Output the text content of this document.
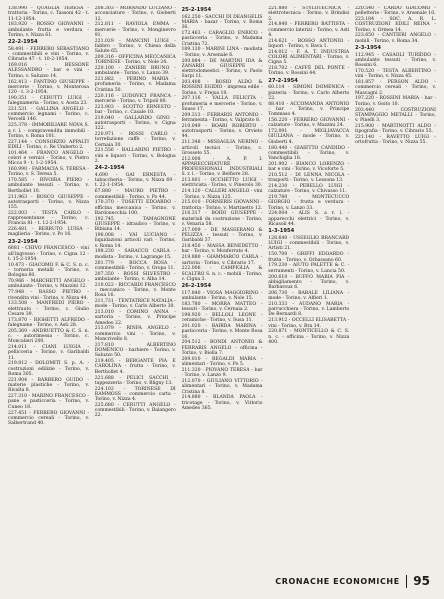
138.990 - QUAGLIA TERESA - trattoria - Torino, c. Tassoni 42 - t. 11-12-1954.

183.920 - ROSSO GIOVANNI - ambulante frutta e verdura - Torino, v. Nizza 61.

22-2-1954

58.491 - FERRERO SEBASTIANO - commestibili e vini - Torino, v. Cibrario 47 - t. 10-2-1954.

169.016 - BESSONE ALESSANDRO - bar e vini - Torino, v. Saluzzo 14.

162.413 - FANTINO GIUSEPPE - mercerie - Torino, v. Monterosa 120 - t. 3-2-1954.

190.351 - CERUTTI LUIGI - falegnameria - Torino, v. Aosta 23.

221.531 - GALLINA ANGELO - commercio legnami - Torino, c. Vercelli 146.

225.378 - IMMOBILIARE NOVA S. a r. l. - compravendita immobili - Torino, v. Roma 101.

227.144 - CONSORZIO APPALTI EDILI - Torino, c. Re Umberto 2.

101.464 - FRANCO ANGELO - colori e vernici - Torino, v. Pietro Micca 9 - t. 1-2-1954.

160.990 - FARMACIA S. TERESA - Torino, v. S. Teresa 5.

170.585 - RIVOIRA PIERO - ambulante tessuti - Torino, v. Berthollet 10.

211.963 - BOSCO GIUSEPPE - autotrasporti - Torino, v. Nizza 155.

222.003 - TESTA CARLO - rappresentanze - Torino, c. Francia 81 - t. 12-2-1954.

226.481 - BERRUTO LUISA - maglieria - Torino, v. Po 16.

23-2-1954

6681 - CHIVO FRANCESCO - vini all'ingrosso - Torino, v. Cigna 12 - t. 15-2-1954.

10.473 - GIACOMO F. & C. S. n. c. - torneria metalli - Torino, v. Bologna 60.

70.966 - MARCHETTI ANGELO - ambulante - Torino, v. Mazzini 12.

77.948 - BASSO PIETRO - rivendita vini - Torino, v. Nizza 44.

133.508 - MANFREDI PIERO - elettrauto - Torino, c. Giulio Cesare 39.

173.870 - RIGHETTI ALFREDO - falegname - Torino, v. Asti 28.

205.369 - ANDRUETTO & C. S. n. c. - autorimessa - Torino, c. Moncalieri 200.

214.011 - CIANI LUIGIA - pellicceria - Torino, v. Garibaldi 11.

219.812 - DOLOMITI S. p. A. - costruzioni edilizie - Torino, v. Roma 305.

221.904 - BARBERO GUIDO - materie plastiche - Torino, v. Rivalta 8.

227.310 - MARINO FRANCESCO - pane e pasticceria - Torino, v. Cuneo 16.

227.451 - FERRERO GIOVANNI - commercio cereali - Torino, v. Salbertrand 40.

208.303 - MORANDO LUCIANO - acconciature - Torino, v. Gioberti 12.

212.811 - RAVIOLA EMMA - mercerie - Torino, v. Monginevro 91.

221.029 - MANCINI LUIGI - fabbro - Torino, v. Chiesa della Salute 65.

209.316 - OFFICINA MECCANICA TORINESE - Torino, v. Nole 24.

220.100 - ZANIERI BRUNO - ambulante - Torino, v. Lanzo 39.

221.882 - PERINO MARIA - profumeria - Torino, v. Madama Cristina 50.

220.116 - LUDOVICI FRANCA - mercerie - Torino, v. Tripoli 80.

223.903 - SCOTTO ERNESTO - bar - Torino, c. Casale 10.

219.040 - GALLARDO GINO - autotrasporti - Torino, v. Cigna 122.

220.971 - ROSSI CARLO - torrefazione caffè - Torino, v. Cernaia 30.

221.556 - BALLARINI PIETRO - vini e liquori - Torino, v. Bologna 2.

24-2-1954

4.690 - GAI ERNESTA - tabaccheria - Torino, v. Nizza 69 - t. 22-1-1954.

67.880 - MAURO PIETRO - commestibili - Torino, v. Po 44.

170.370 - TOSETTI EDOARDO - officina meccanica - Torino, v. Bardonecchia 100.

192.745 - TAMAGNONE GIUSEPPE - idraulico - Torino, v. Bibiana 14.

196.008 - VAI LUCIANO - liquidazioni articoli vari - Torino, v. Roma 14.

198.230 - SARACCO CARLA - modista - Torino, v. Lagrange 15.

201.779 - BOCCA ROSA - commestibili - Torino, v. Oropa 11.

207.350 - ROSSI SILVESTRO - ambulante - Torino, v. Alba 14.

210.022 - RICCARDI FRANCESCO - meccanico - Torino, v. Monte Rosa 16.

211.731 - TENTATRICE NATALIA - mode - Torino, v. Carlo Alberto 30.

213.010 - COMINO ANNA - sartoria - Torino, v. Principe Amedeo 22.

213.079 - RINFA ANGELO - commercio vini - Torino, v. Moncrivello 8.

217.810 - ALBERTINO DOMENICO - barbiere - Torino, v. Saluzzo 50.

219.405 - BERGANTE PIA E CAROLINA - frutta - Torino, v. Berthollet 4.

221.688 - PELICI SACCHI - tappezzeria - Torino, v. Bligny 13.

224.102 - TORINESE DI RAMMOSS - commercio carta - Torino, v. Nizza 4.

225.680 - CERUTTI ANGELO - commestibili - Torino, v. Balangero 22.

25-2-1954

162.250 - SACCHI DI DEANGELIS MARIA - bazar - Torino, v. Roma 36.

172.463 - CARAGLIO ENRICO - pasticceria - Torino, v. Madama Cristina 72.

189.130 - MARINI LINA - modista - Torino, v. Arsenale 6.

200.884 - DE MARTINI IDA & ZANARDI GIUSEPPE - elettrodomestici - Torino, v. Paolo Sarpi 11.

203.408 - BOSIO ALDO & ROSSINI EGIDIO - impresa edile - Torino, v. Frejus 10.

207.116 - VALLA FELICITA - profumeria e mercerie - Torino, v. Snaso 17.

209.313 - FERRARIS ANTONIO - ferramenta - Torino, v. Valprato 8.

210.049 - BOARI ROBERTO - autotrasporti - Torino, v. Orvieto 44.

211.348 - MISSAGLIA NERINO - articoli tecnici - Torino, c. Grosseto 55.

212.008 - A. P. I. APPARECCHIATURE PROFESSIONALI INDUSTRIALI S. r. l. - Torino, v. Belfiore 28.

213.801 - OCCHETTO LUIGI - elettricista - Torino, v. Pinerolo 30.

214.120 - CALLERI ANGELO - vini - Torino, v. Nizza 125.

215.010 - FORNERIS GIOVANNI - trattoria - Torino, v. Martinetto 12.

216.317 - BOIDI GIUSEPPE - materiali da costruzione - Torino, v. Venaria 58.

217.009 - DE MASSERANO & PELIZZA - tessuti - Torino, v. Garibaldi 37.

218.450 - MASSA BENEDETTO - bar - Torino, v. Monferrato 4.

219.880 - GIAMMARCO CARLA - sartoria - Torino, v. Cibrario 17.

222.006 - CAMPIGLIA & SCALTRO S. n. c. - mobili - Torino, v. Cigna 3.

26-2-1954

117.840 - VIOSA MAGGIORINO - ambulante - Torino, v. Nole 15.

183.780 - MORRA MATTEO - tessuti - Torino, v. Cernaia 2.

198.920 - BELLOLI LEONE - ceramiche - Torino, v. Susa 11.

201.020 - BAIRDA MARINA - pasticceria - Torino, v. Monte Rosa 16.

204.512 - BONDI ANTONIO & FERRARIS ANGELO - officina - Torino, v. Biella 7.

209.010 - REGALDI MARIA - alimentari - Torino, v. Po 5.

211.320 - PIOVANO TERESA - bar - Torino, v. Lanzo 9.

212.070 - GIULIANO VITTORIO - alimentari - Torino, v. Madama Cristina 8.

214.880 - BLANDA PAOLA - tricotage - Torino, v. Vittorio Amedeo 365.

221.880 - STYLOTECNICA - elettrotecnica - Torino, v. Brindisi 2.

214.840 - FERRERO BATTISTA - commercio laterizi - Torino, v. Asti 4.

214.621 - ROSSO ANTONIO - liquori - Torino, v. Bava 1.

214.012 - F. A. T. INDUSTRIA COLORI ALIMENTARI - Torino, v. Cigna 5.

218.702 - CAFFÈ DEL PONTE - Torino, v. Rossini 44.

27-2-1954

60.114 - SIMONI DOMENICA - pizzeria - Torino, v. Carlo Alberto 22.

88.410 - ACCOMANDA ANTONIO - bar - Torino, v. Principe Tommaso 4.

156.220 - FERRERO GIOVANNI - calzature - Torino, v. Mazzini 24.

172.091 - MIGLIAVACCA GIULIANA - mode - Torino, v. Gioberti 4.

180.440 - GIAIETTO CANDIDO - commestibili - Torino, v. Vanchiglia 18.

201.902 - BIANCO LORENZO - bar e vini - Torino, v. Vicoforte 5.

210.512 - DI LENNA NICOLA - trasporti - Torino, v. Lessona 13.

214.230 - PERELLO LUIGI - calzature - Torino, v. Chivasso 11.

219.780 - MONTECUCCO GIORGIO - frutta e verdura - Torino, v. Lanzo 33.

224.004 - ALIS S. a r. l. - apparecchi elettrici - Torino, v. Ricasoli 44.

1-3-1954

128.640 - USSEGLIO BRANCARD LUIGI - commestibili - Torino, v. Artisti 21.

150.700 - GRIFFI EDOARDO - frutta - Torino, v. Orbassano 60.

179.230 - AIUTO PALETTE & C. - serramenti - Torino, v. Lancia 50.

200.610 - BUFFO MARIA PIA - abbigliamento - Torino, v. Barbaroux 6.

206.730 - BARALE LILIANA - mode - Torino, v. Alfieri 1.

210.333 - AUDANO MARIA - parrucchiera - Torino, v. Lamberto De Bernardi 8.

213.912 - OCCELLI ELISABETTA - vini - Torino, v. Bra 14.

220.871 - MONTICELLO & C. S. n. c. - officina - Torino, v. Nizza 400.

220.540 - CARDO GIACOMO - pelletterie - Torino, v. Arsenale 10.

223.184 - SOC. A. R. L. COSTRUZIONI EDILI REINA - Torino, v. Ormea 14.

223.650 - CANTIERI ANGELO - mobili - Torino, v. Roma 34.

2-3-1954

112.945 - CASAOLI TURIDDO - ambulante tessuti - Torino, v. Rossini 6.

170.520 - TESTA ALBERTINO - vini - Torino, v. Nizza 45.

181.857 - PERSON ALDO - commercio cereali - Torino, v. Mascagni 2.

197.220 - ROSSINI MARIA - bar - Torino, v. Goito 10.

203.440 - COSTRUZIONI STAMPAGGIO METALLI - Torino, v. Pinelli 3.

215.900 - MARTINOTTI ALDO - tipografia - Torino, v. Cibrario 55.

221.140 - RAVETTO LUIGI - ortofrutta - Torino, v. Nizza 55.

CRONACHE ECONOMICHE 95
